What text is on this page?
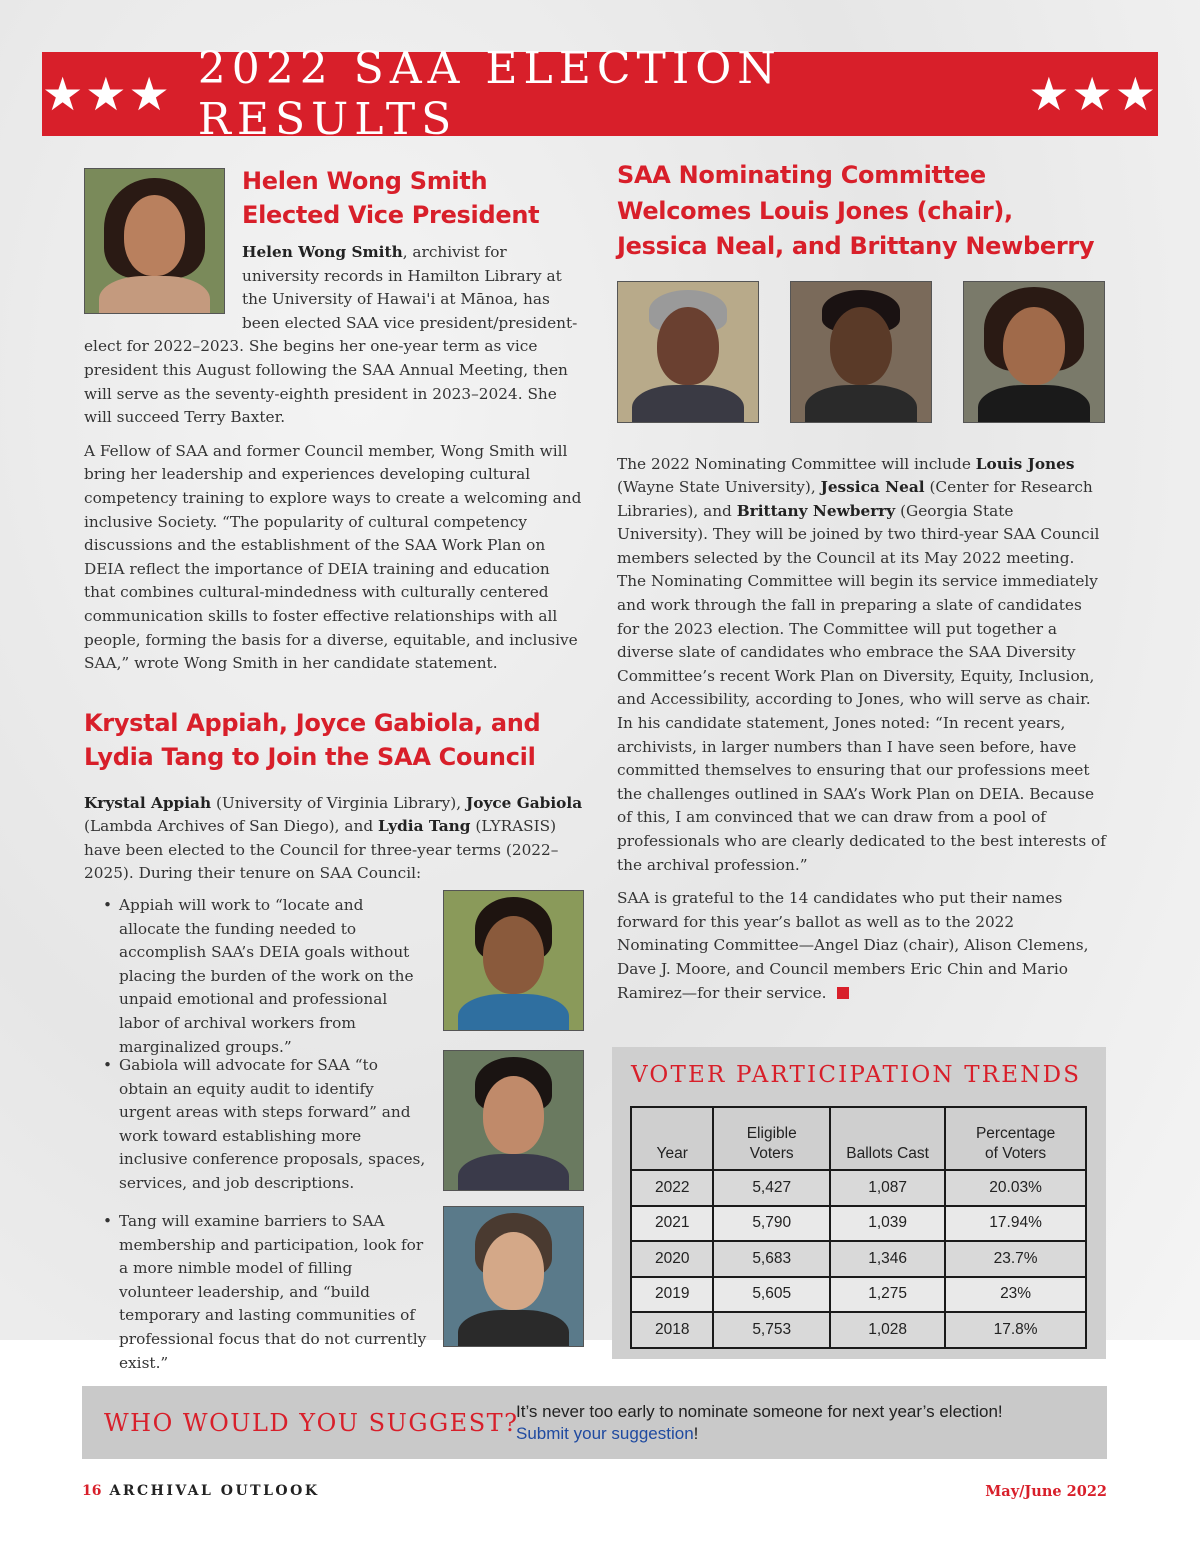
★★★ 2022 SAA ELECTION RESULTS	★★★
Helen Wong Smith Elected Vice President
Helen Wong Smith, archivist for university records in Hamilton Library at the University of Hawai'i at Mānoa, has been elected SAA vice president/president-elect for 2022–2023. She begins her one-year term as vice president this August following the SAA Annual Meeting, then will serve as the seventy-eighth president in 2023–2024. She will succeed Terry Baxter.
A Fellow of SAA and former Council member, Wong Smith will bring her leadership and experiences developing cultural competency training to explore ways to create a welcoming and inclusive Society. “The popularity of cultural competency discussions and the establishment of the SAA Work Plan on DEIA reflect the importance of DEIA training and education that combines cultural-mindedness with culturally centered communication skills to foster effective relationships with all people, forming the basis for a diverse, equitable, and inclusive SAA,” wrote Wong Smith in her candidate statement.
Krystal Appiah, Joyce Gabiola, and Lydia Tang to Join the SAA Council
Krystal Appiah (University of Virginia Library), Joyce Gabiola (Lambda Archives of San Diego), and Lydia Tang (LYRASIS) have been elected to the Council for three-year terms (2022–2025). During their tenure on SAA Council:
• Appiah will work to “locate and allocate the funding needed to accomplish SAA’s DEIA goals without placing the burden of the work on the unpaid emotional and professional labor of archival workers from marginalized groups.”
• Gabiola will advocate for SAA “to obtain an equity audit to identify urgent areas with steps forward” and work toward establishing more inclusive conference proposals, spaces, services, and job descriptions.
• Tang will examine barriers to SAA membership and participation, look for a more nimble model of filling volunteer leadership, and “build temporary and lasting communities of professional focus that do not currently exist.”
SAA Nominating Committee Welcomes Louis Jones (chair), Jessica Neal, and Brittany Newberry
The 2022 Nominating Committee will include Louis Jones (Wayne State University), Jessica Neal (Center for Research Libraries), and Brittany Newberry (Georgia State University). They will be joined by two third-year SAA Council members selected by the Council at its May 2022 meeting. The Nominating Committee will begin its service immediately and work through the fall in preparing a slate of candidates for the 2023 election. The Committee will put together a diverse slate of candidates who embrace the SAA Diversity Committee’s recent Work Plan on Diversity, Equity, Inclusion, and Accessibility, according to Jones, who will serve as chair. In his candidate statement, Jones noted: “In recent years, archivists, in larger numbers than I have seen before, have committed themselves to ensuring that our professions meet the challenges outlined in SAA’s Work Plan on DEIA. Because of this, I am convinced that we can draw from a pool of professionals who are clearly dedicated to the best interests of the archival profession.”
SAA is grateful to the 14 candidates who put their names forward for this year’s ballot as well as to the 2022 Nominating Committee—Angel Diaz (chair), Alison Clemens, Dave J. Moore, and Council members Eric Chin and Mario Ramirez—for their service.
VOTER PARTICIPATION TRENDS
Year	Eligible Voters	Ballots Cast	Percentage of Voters
2022	5,427	1,087	20.03%
2021	5,790	1,039	17.94%
2020	5,683	1,346	23.7%
2019	5,605	1,275	23%
2018	5,753	1,028	17.8%
WHO WOULD YOU SUGGEST?
It’s never too early to nominate someone for next year’s election!
Submit your suggestion!
16 ARCHIVAL OUTLOOK	May/June 2022
